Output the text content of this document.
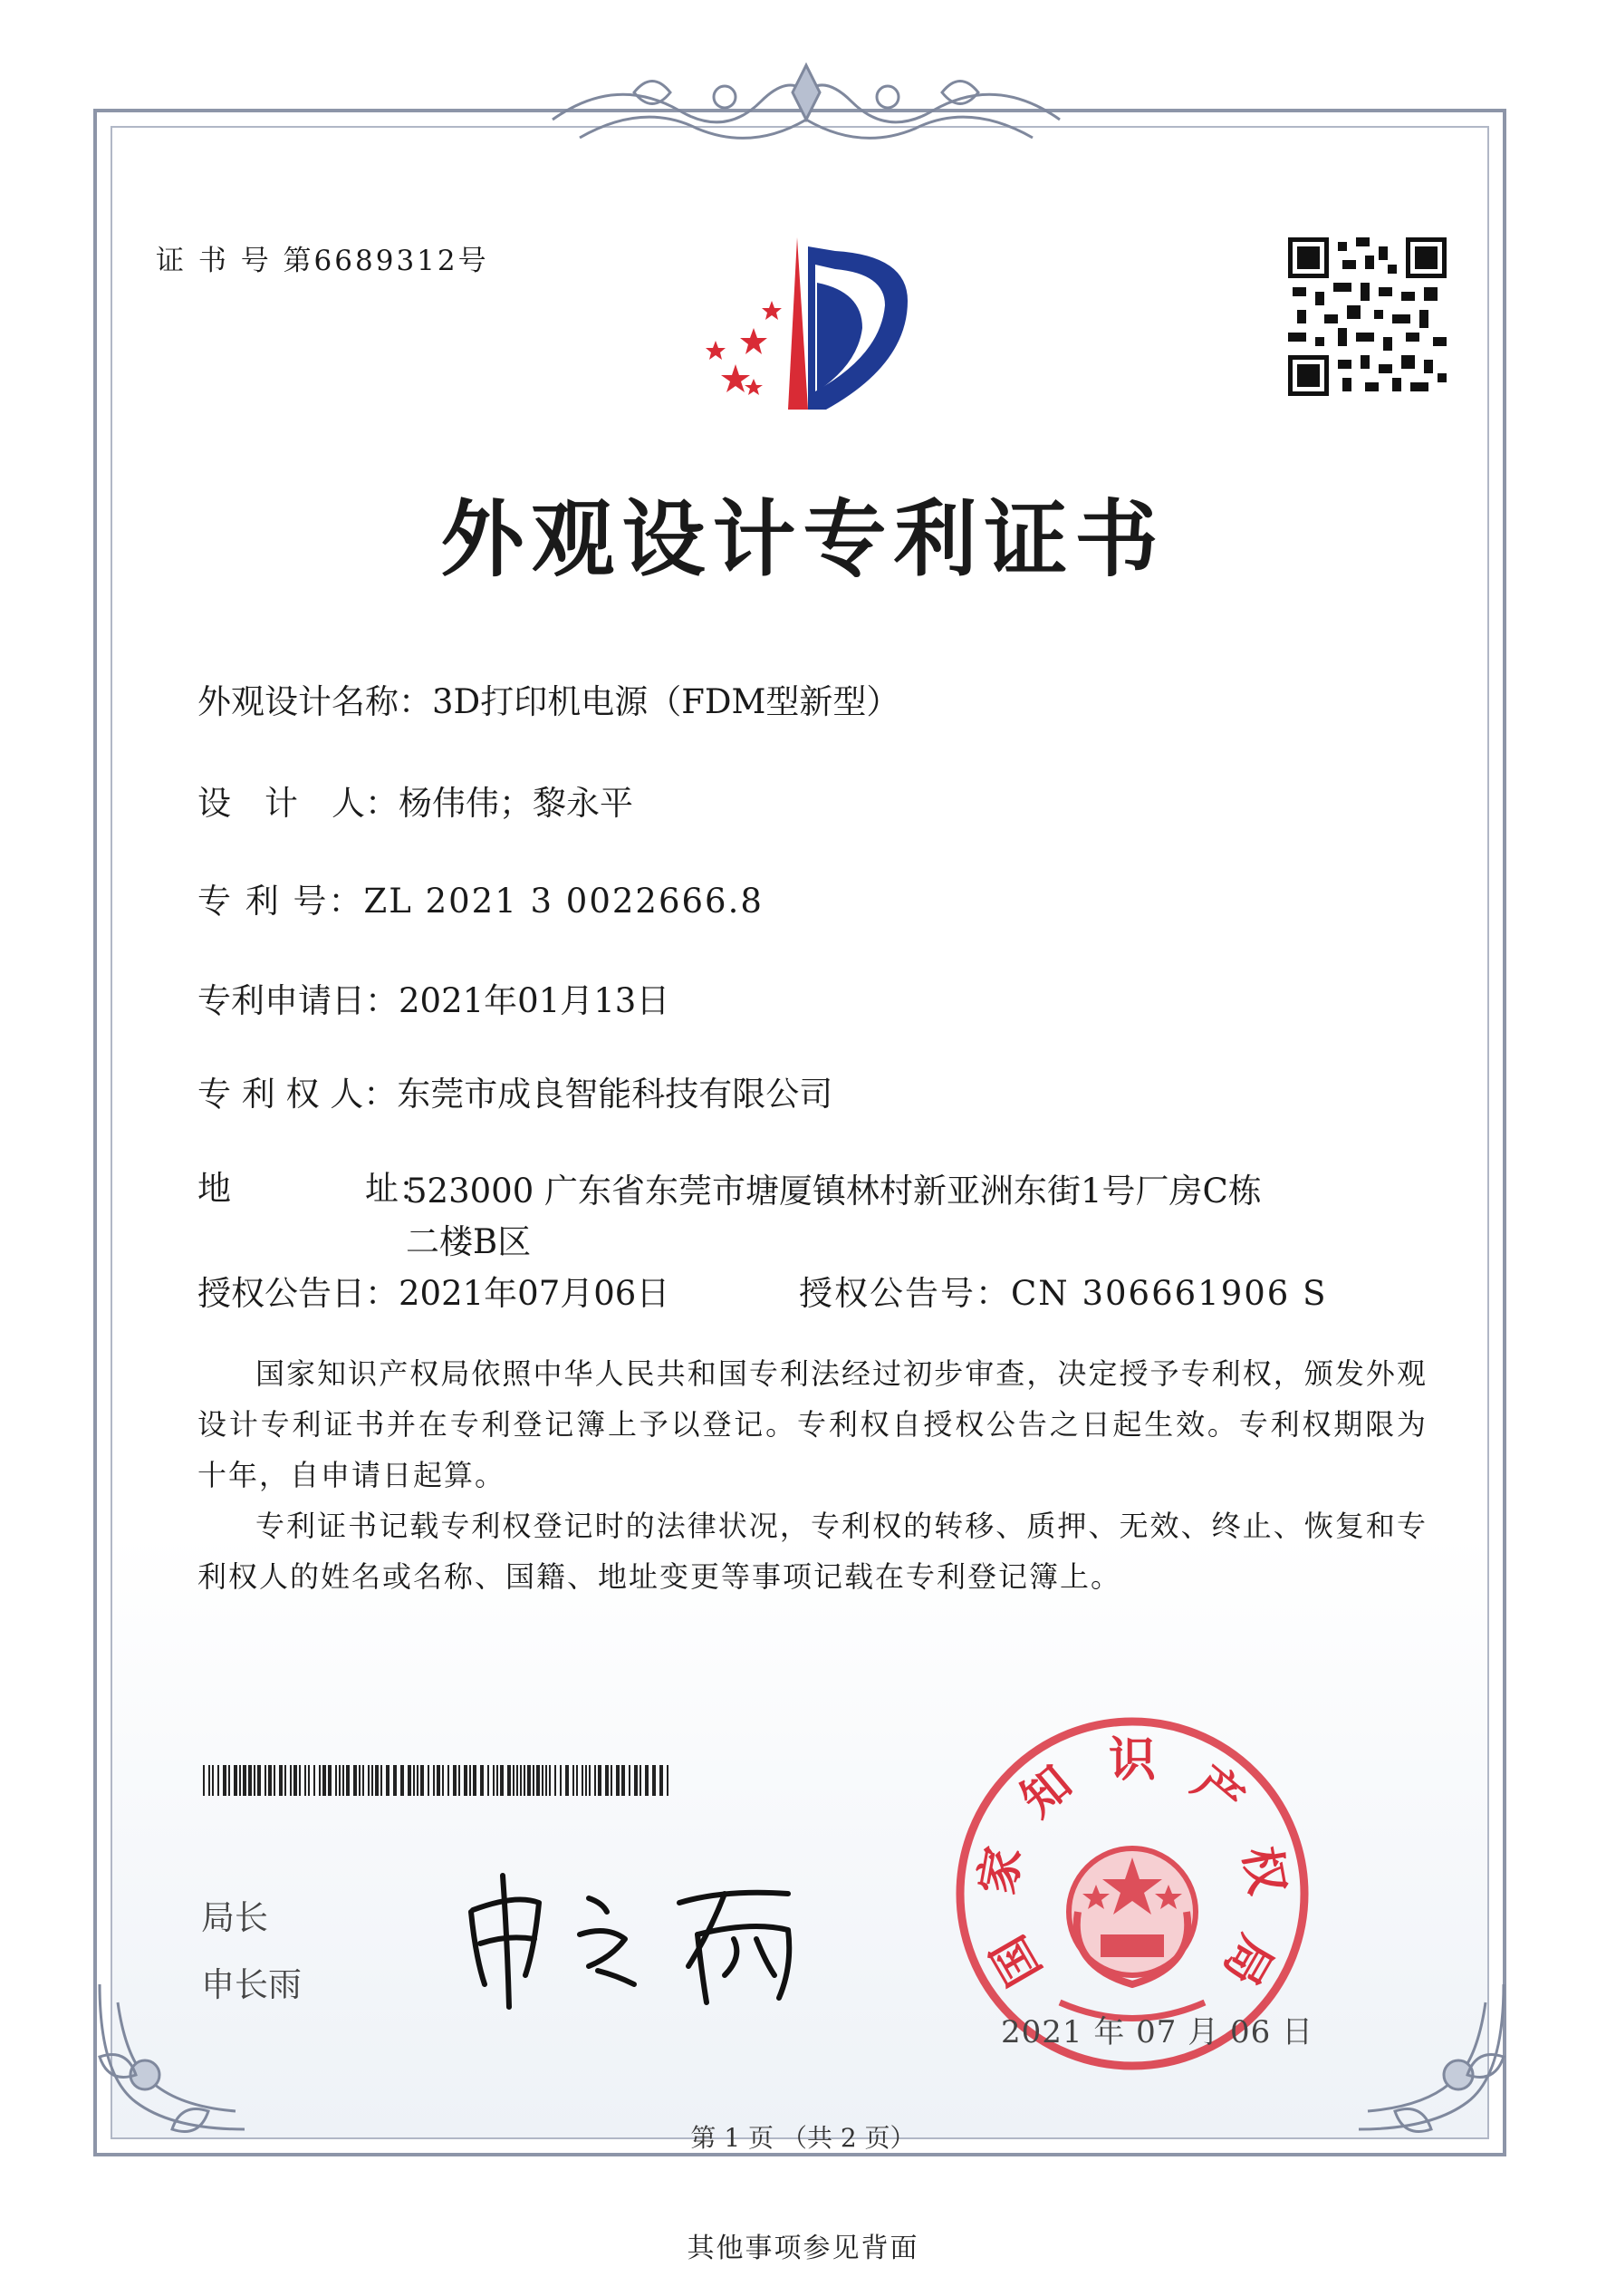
证 书 号 第6689312号
外观设计专利证书
外观设计名称：3D打印机电源（FDM型新型）
设　计　人：杨伟伟；黎永平
专 利 号：ZL 2021 3 0022666.8
专利申请日：2021年01月13日
专 利 权 人：东莞市成良智能科技有限公司
地　　　　址：
523000 广东省东莞市塘厦镇林村新亚洲东街1号厂房C栋二楼B区
授权公告日：2021年07月06日	授权公告号：CN 306661906 S

国家知识产权局依照中华人民共和国专利法经过初步审查，决定授予专利权，颁发外观设计专利证书并在专利登记簿上予以登记。专利权自授权公告之日起生效。专利权期限为十年，自申请日起算。

专利证书记载专利权登记时的法律状况，专利权的转移、质押、无效、终止、恢复和专利权人的姓名或名称、国籍、地址变更等事项记载在专利登记簿上。

局长
申长雨	国
家
知 识 产
权
局
2021 年 07 月 06 日
第 1 页 （共 2 页）
其他事项参见背面
